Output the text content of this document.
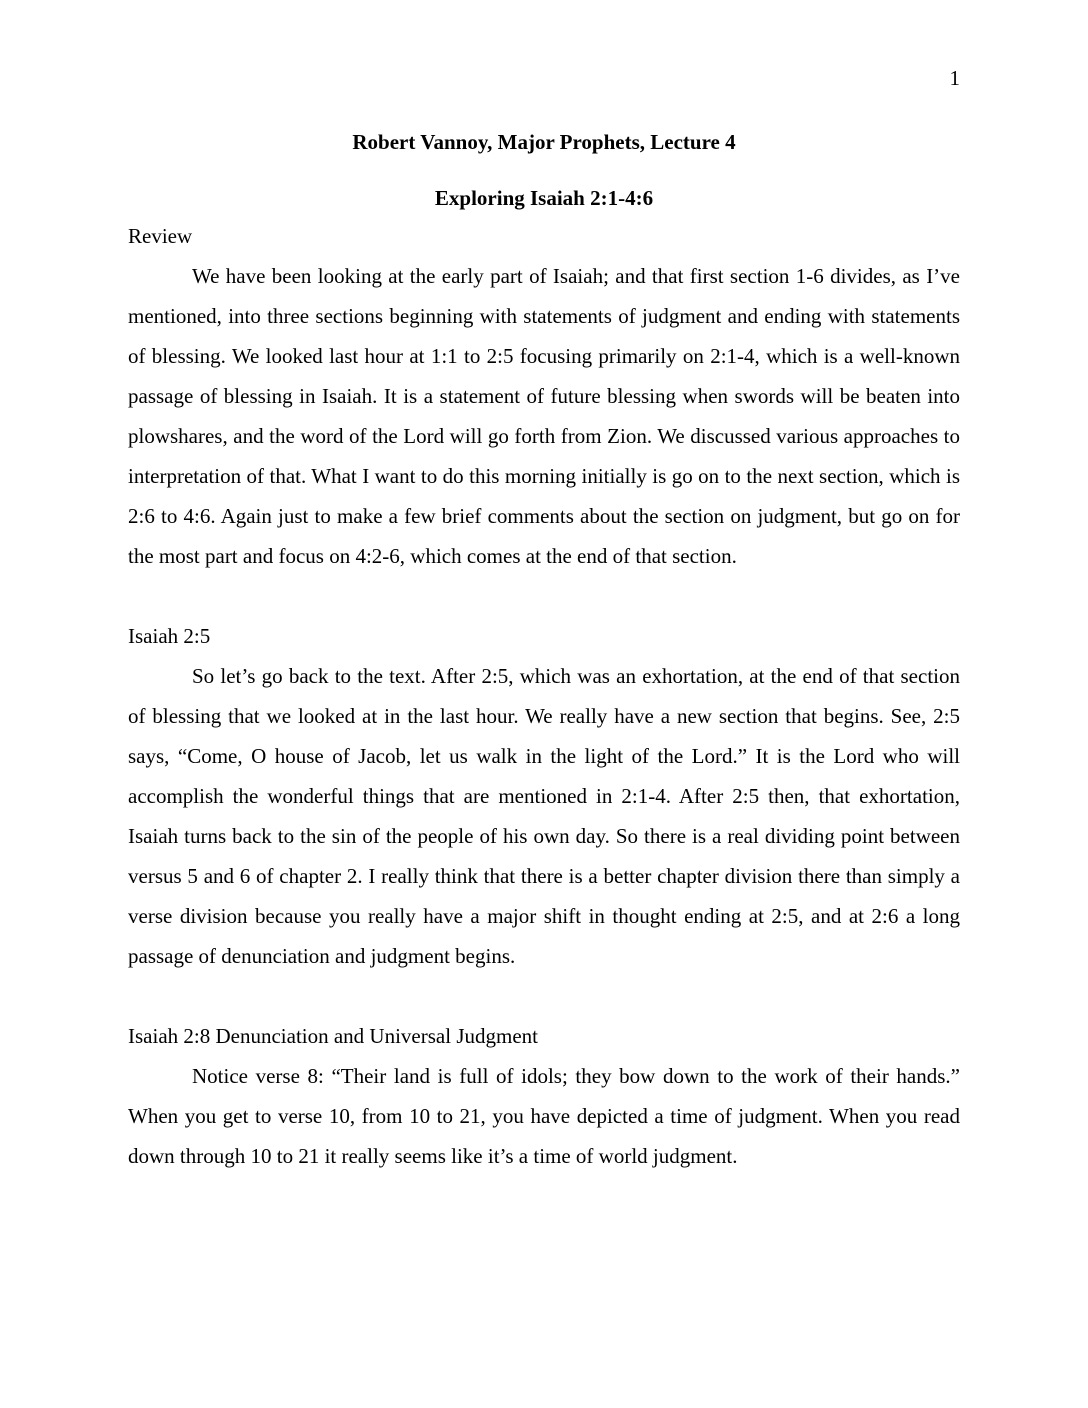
1
Robert Vannoy, Major Prophets, Lecture 4
Exploring Isaiah 2:1-4:6

Review

We have been looking at the early part of Isaiah; and that first section 1-6 divides, as I’ve mentioned, into three sections beginning with statements of judgment and ending with statements of blessing. We looked last hour at 1:1 to 2:5 focusing primarily on 2:1-4, which is a well-known passage of blessing in Isaiah. It is a statement of future blessing when swords will be beaten into plowshares, and the word of the Lord will go forth from Zion. We discussed various approaches to interpretation of that. What I want to do this morning initially is go on to the next section, which is 2:6 to 4:6. Again just to make a few brief comments about the section on judgment, but go on for the most part and focus on 4:2-6, which comes at the end of that section.

Isaiah 2:5

So let’s go back to the text. After 2:5, which was an exhortation, at the end of that section of blessing that we looked at in the last hour. We really have a new section that begins. See, 2:5 says, “Come, O house of Jacob, let us walk in the light of the Lord.” It is the Lord who will accomplish the wonderful things that are mentioned in 2:1-4. After 2:5 then, that exhortation, Isaiah turns back to the sin of the people of his own day. So there is a real dividing point between versus 5 and 6 of chapter 2. I really think that there is a better chapter division there than simply a verse division because you really have a major shift in thought ending at 2:5, and at 2:6 a long passage of denunciation and judgment begins.

Isaiah 2:8 Denunciation and Universal Judgment

Notice verse 8: “Their land is full of idols; they bow down to the work of their hands.” When you get to verse 10, from 10 to 21, you have depicted a time of judgment. When you read down through 10 to 21 it really seems like it’s a time of world judgment.
